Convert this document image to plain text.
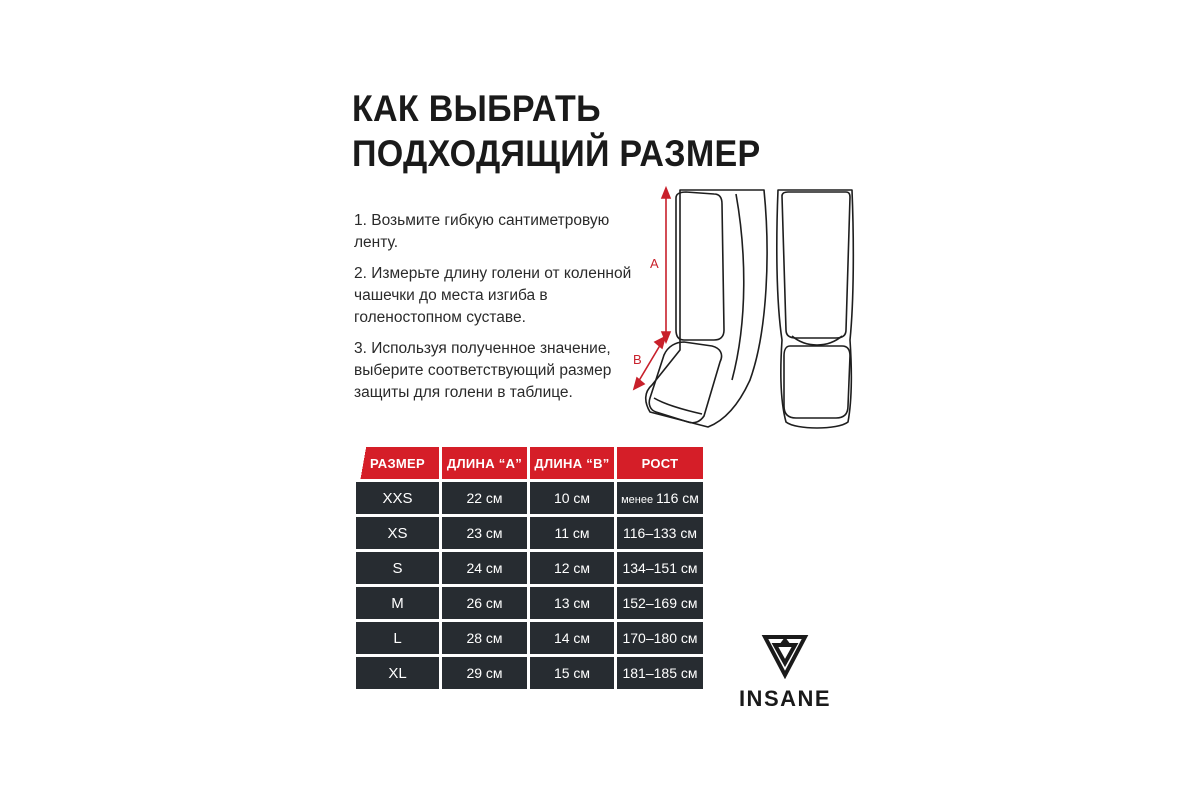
КАК ВЫБРАТЬ
ПОДХОДЯЩИЙ РАЗМЕР

1. Возьмите гибкую сантиметровую ленту.

2. Измерьте длину голени от коленной чашечки до места изгиба в голеностопном суставе.

3. Используя полученное значение, выберите соответствующий размер защиты для голени в таблице.

A
B
РАЗМЕР	ДЛИНА “А”	ДЛИНА “В”	РОСТ
XXS	22 см	10 см	менее 116 см
XS	23 см	11 см	116–133 см
S	24 см	12 см	134–151 см
M	26 см	13 см	152–169 см
L	28 см	14 см	170–180 см
XL	29 см	15 см	181–185 см
INSANE
